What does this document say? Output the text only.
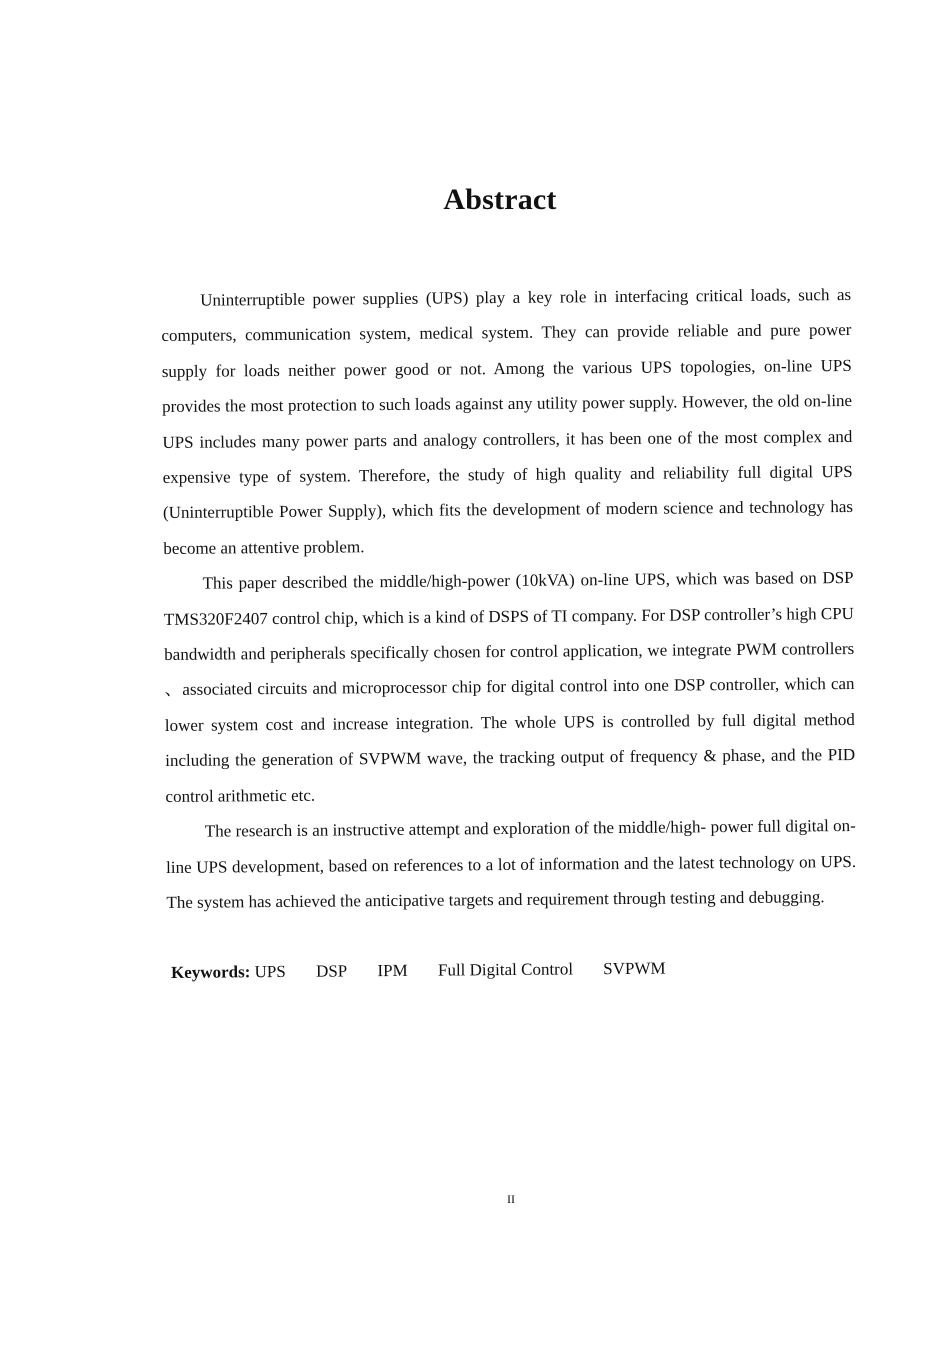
Abstract

Uninterruptible power supplies (UPS) play a key role in interfacing critical loads, such as computers, communication system, medical system. They can provide reliable and pure power supply for loads neither power good or not. Among the various UPS topologies, on-line UPS provides the most protection to such loads against any utility power supply. However, the old on-line UPS includes many power parts and analogy controllers, it has been one of the most complex and expensive type of system. Therefore, the study of high quality and reliability full digital UPS (Uninterruptible Power Supply), which fits the development of modern science and technology has become an attentive problem.

This paper described the middle/high-power (10kVA) on-line UPS, which was based on DSP TMS320F2407 control chip, which is a kind of DSPS of TI company. For DSP controller’s high CPU bandwidth and peripherals specifically chosen for control application, we integrate PWM controllers 、associated circuits and microprocessor chip for digital control into one DSP controller, which can lower system cost and increase integration. The whole UPS is controlled by full digital method including the generation of SVPWM wave, the tracking output of frequency & phase, and the PID control arithmetic etc.

The research is an instructive attempt and exploration of the middle/high- power full digital on-line UPS development, based on references to a lot of information and the latest technology on UPS. The system has achieved the anticipative targets and requirement through testing and debugging.

Keywords: UPS DSP IPM Full Digital Control SVPWM
II
